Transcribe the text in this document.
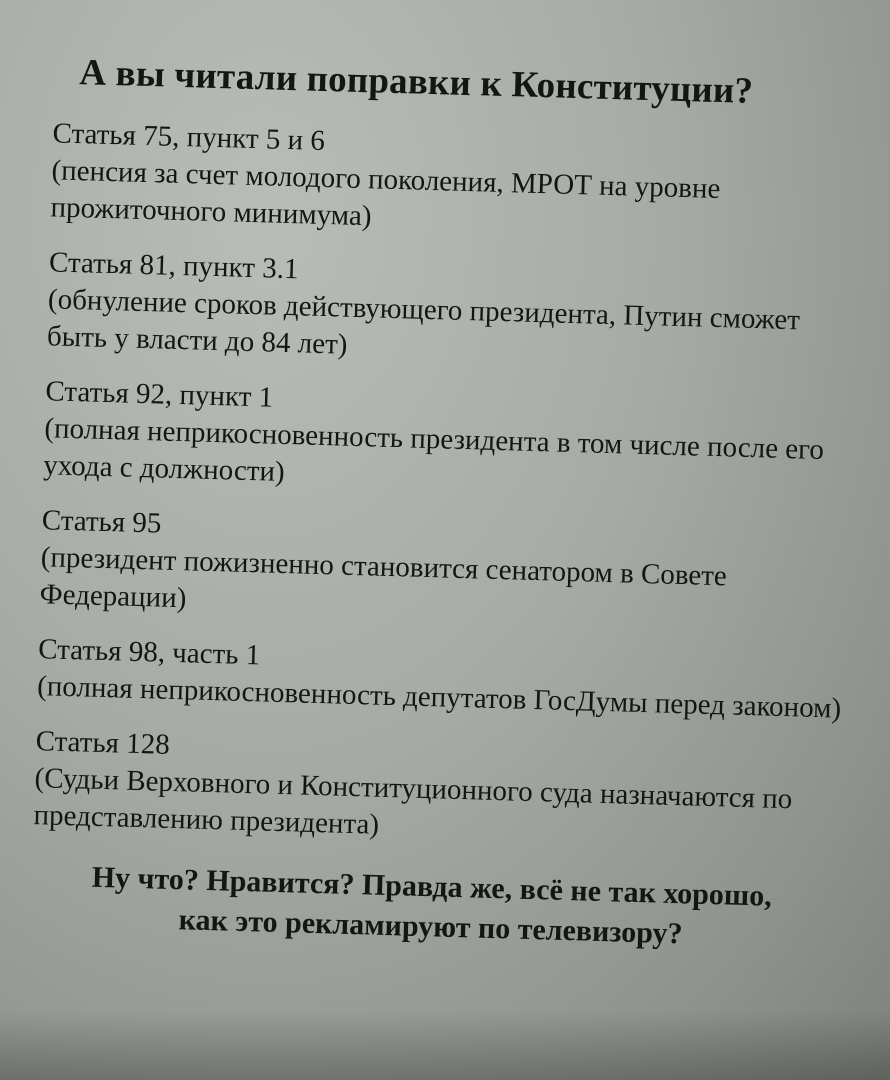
А вы читали поправки к Конституции?
Статья 75, пункт 5 и 6
(пенсия за счет молодого поколения, МРОТ на уровне прожиточного минимума)
Статья 81, пункт 3.1
(обнуление сроков действующего президента, Путин сможет быть у власти до 84 лет)
Статья 92, пункт 1
(полная неприкосновенность президента в том числе после его ухода с должности)
Статья 95
(президент пожизненно становится сенатором в Совете Федерации)
Статья 98, часть 1
(полная неприкосновенность депутатов ГосДумы перед законом)
Статья 128
(Судьи Верховного и Конституционного суда назначаются по представлению президента)
Ну что? Нравится? Правда же, всё не так хорошо,
как это рекламируют по телевизору?
